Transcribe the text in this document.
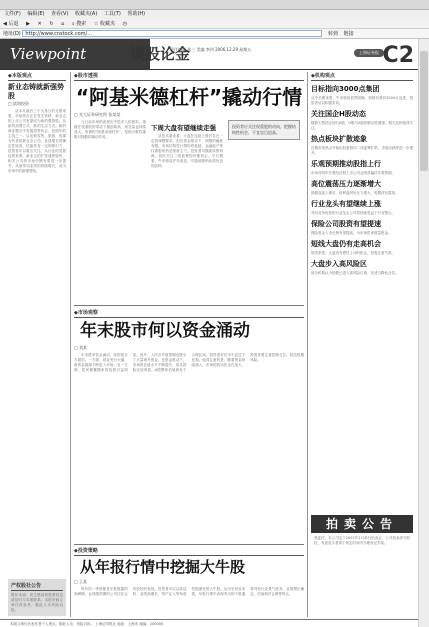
文件(F) 编辑(E) 查看(V) 收藏夹(A) 工具(T) 帮助(H)
◀ 后退 ▶ ✕ ↻ ⌂ ⌕ 搜索 ☆ 收藏夹 ◷
地址(D) http://www.cnstock.com/...	转到 链接
Viewpoint	谈股论金
责任编辑 张三 美编 李四 2006.12.29 星期五
上海证券报 C2
◆本版观点
新业态铸就新强势股
□ 滨海投资

从本月最后三个交易日的走势来看，市场热点正在发生转移，新业态的上市公司有望成为新的强势股。从新的消费方式、新的生活方式、新的商业模式中发掘投资机会，是明年的主线之一。以连锁零售、旅游、传媒为代表的新业态公司，业绩增长的确定性较高，估值具有一定的吸引力，投资者可以重点关注。从行业的发展趋势来看，新业态的扩张速度较快，相关公司的市场份额有望进一步提升，从而带动业绩的持续增长，成为市场中的新强势股。

产权股社公告
股民来函：发生错误的股票信息请及时与本报联系。本报所载文章仅供参考，据此入市风险自担。
◆股市透视
“阿基米德杠杆”撬动行情
□ 光大证券研究所 张某某

元旦前市场的表现出乎很多人的意料，指数在权重股的带动下屡创新高，成交量也持续放大。所谓的“阿基米德杠杆”，是指少数权重股对指数的撬动作用。

下周大盘有望继续走强

从技术面来看，大盘在连续上涨后存在一定的调整要求，但在资金推动下，调整的幅度有限。市场结构性行情仍将延续，金融地产等权重板块仍是领涨主力，投资者可继续持股待涨，同时关注二线蓝筹的补涨机会。中长期看，牛市格局并未改变，可逢低吸纳业绩优良的品种。

投资者应关注权重股的动向，把握结构性机会，不宜盲目追高。
◆市场观察
年末股市何以资金涌动
□ 刘某

年末股市资金涌动，原因是多方面的。一方面，基金发行火爆，新资金源源不断进入市场；另一方面，居民储蓄搬家的趋势日益明显。此外，人民币升值预期也吸引了大量境外资金。在资金推动下，市场的估值水平不断提升，但从国际比较来看，A股整体估值尚处于合理区间，投资者对后市不必过于悲观。值得注意的是，随着资金持续涌入，市场的波动性也在加大，投资者要注意控制仓位，防范短期风险。

◆投资策略
从年报行情中挖掘大牛股
□ 王某

每年的一季度都是年报披露的高峰期，业绩超预期的公司往往会有较好的表现。投资者可以从高送转、业绩高增长、资产注入等角度挖掘潜在的大牛股。从历史经验来看，年报行情中表现突出的个股通常具有行业景气度高、业绩增长确定、估值相对合理等特点。

◆机构观点
目标指向3000点集团
从中长期来看，牛市格局依然明确，指数有望向3000点迈进，投资者可以积极布局。
关注国企H股动态
随着大型国企回归A股，H股与A股的联动性增强，相关品种值得关注。
热点板块扩散迹象
近期市场热点开始由权重股向二线蓝筹扩散，市场活跃度进一步提升。
乐观预期推动股指上行
市场对明年宏观经济和上市公司业绩普遍持乐观预期。
高位震荡压力逐渐增大
指数连续上涨后，获利盘回吐压力增大，短期或有震荡。
行业龙头有望继续上涨
具有竞争优势的行业龙头公司将持续受益于行业整合。
保险公司股资有望提速
保险资金入市比例有望提高，为市场带来增量资金。
短线大盘仍有走高机会
短线来看，大盘仍有惯性上冲的机会，但需注意节奏。
大盘步入高风险区
部分机构认为指数已进入高风险区域，宜适当降低仓位。
拍卖公告
受委托，本公司定于2007年1月举行拍卖会，公开拍卖部分股权，有意竞买者请于规定时间内办理登记手续。
本版文章仅代表作者个人观点，据此入市，风险自担。 上海证券报社 地址：上海市 邮编：200000
